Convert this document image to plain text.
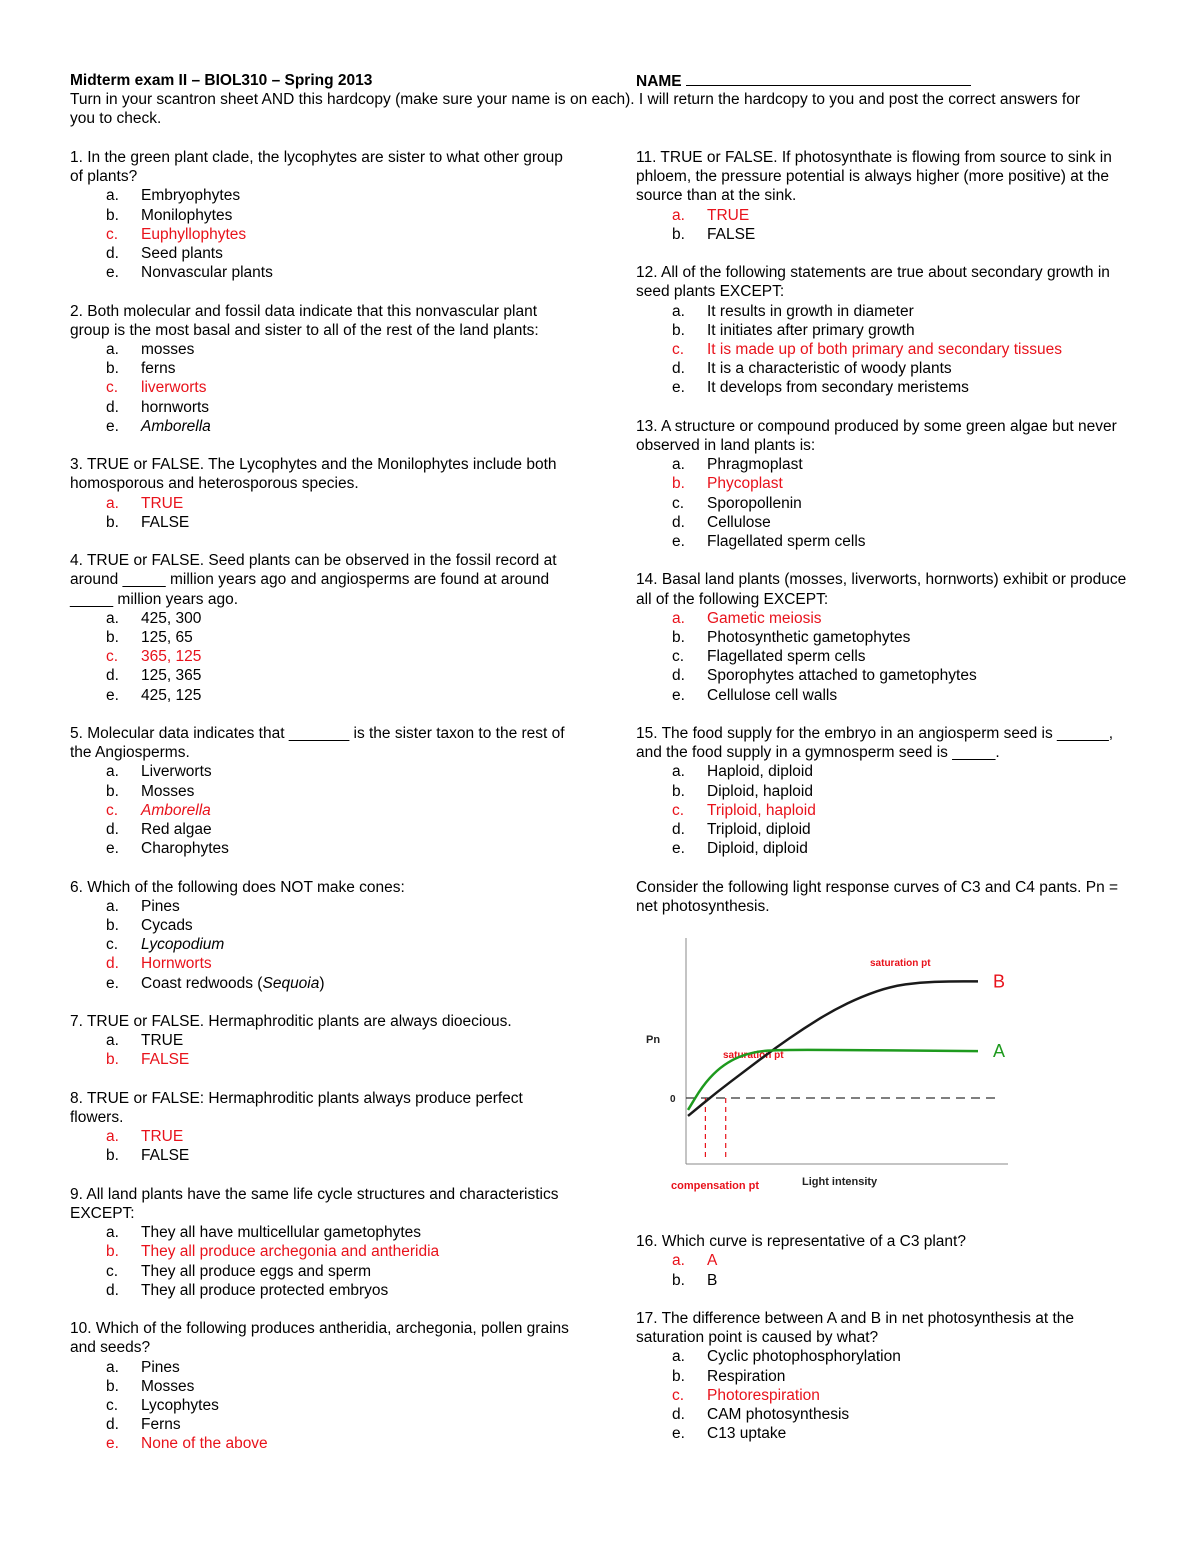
Midterm exam II – BIOL310 – Spring 2013	NAME
Turn in your scantron sheet AND this hardcopy (make sure your name is on each). I will return the hardcopy to you and post the correct answers for you to check.

1. In the green plant clade, the lycophytes are sister to what other group of plants?

a. Embryophytes
b. Monilophytes
c. Euphyllophytes
d. Seed plants
e. Nonvascular plants

2. Both molecular and fossil data indicate that this nonvascular plant group is the most basal and sister to all of the rest of the land plants:

a. mosses
b. ferns
c. liverworts
d. hornworts
e. Amborella

3. TRUE or FALSE. The Lycophytes and the Monilophytes include both homosporous and heterosporous species.

a. TRUE
b. FALSE

4. TRUE or FALSE. Seed plants can be observed in the fossil record at around _____ million years ago and angiosperms are found at around _____ million years ago.

a. 425, 300
b. 125, 65
c. 365, 125
d. 125, 365
e. 425, 125

5. Molecular data indicates that _______ is the sister taxon to the rest of the Angiosperms.

a. Liverworts
b. Mosses
c. Amborella
d. Red algae
e. Charophytes

6. Which of the following does NOT make cones:

a. Pines
b. Cycads
c. Lycopodium
d. Hornworts
e. Coast redwoods (Sequoia)

7. TRUE or FALSE. Hermaphroditic plants are always dioecious.

a. TRUE
b. FALSE

8. TRUE or FALSE: Hermaphroditic plants always produce perfect flowers.

a. TRUE
b. FALSE

9. All land plants have the same life cycle structures and characteristics EXCEPT:

a. They all have multicellular gametophytes
b. They all produce archegonia and antheridia
c. They all produce eggs and sperm
d. They all produce protected embryos

10. Which of the following produces antheridia, archegonia, pollen grains and seeds?

a. Pines
b. Mosses
c. Lycophytes
d. Ferns
e. None of the above

11. TRUE or FALSE. If photosynthate is flowing from source to sink in phloem, the pressure potential is always higher (more positive) at the source than at the sink.

a. TRUE
b. FALSE

12. All of the following statements are true about secondary growth in seed plants EXCEPT:

a. It results in growth in diameter
b. It initiates after primary growth
c. It is made up of both primary and secondary tissues
d. It is a characteristic of woody plants
e. It develops from secondary meristems

13. A structure or compound produced by some green algae but never observed in land plants is:

a. Phragmoplast
b. Phycoplast
c. Sporopollenin
d. Cellulose
e. Flagellated sperm cells

14. Basal land plants (mosses, liverworts, hornworts) exhibit or produce all of the following EXCEPT:

a. Gametic meiosis
b. Photosynthetic gametophytes
c. Flagellated sperm cells
d. Sporophytes attached to gametophytes
e. Cellulose cell walls

15. The food supply for the embryo in an angiosperm seed is ______, and the food supply in a gymnosperm seed is _____.

a. Haploid, diploid
b. Diploid, haploid
c. Triploid, haploid
d. Triploid, diploid
e. Diploid, diploid

Consider the following light response curves of C3 and C4 pants. Pn = net photosynthesis.

16. Which curve is representative of a C3 plant?

a. A
b. B

17. The difference between A and B in net photosynthesis at the saturation point is caused by what?

a. Cyclic photophosphorylation
b. Respiration
c. Photorespiration
d. CAM photosynthesis
e. C13 uptake
Pn
0
Light intensity
compensation pt
saturation pt
saturation pt
B
A
